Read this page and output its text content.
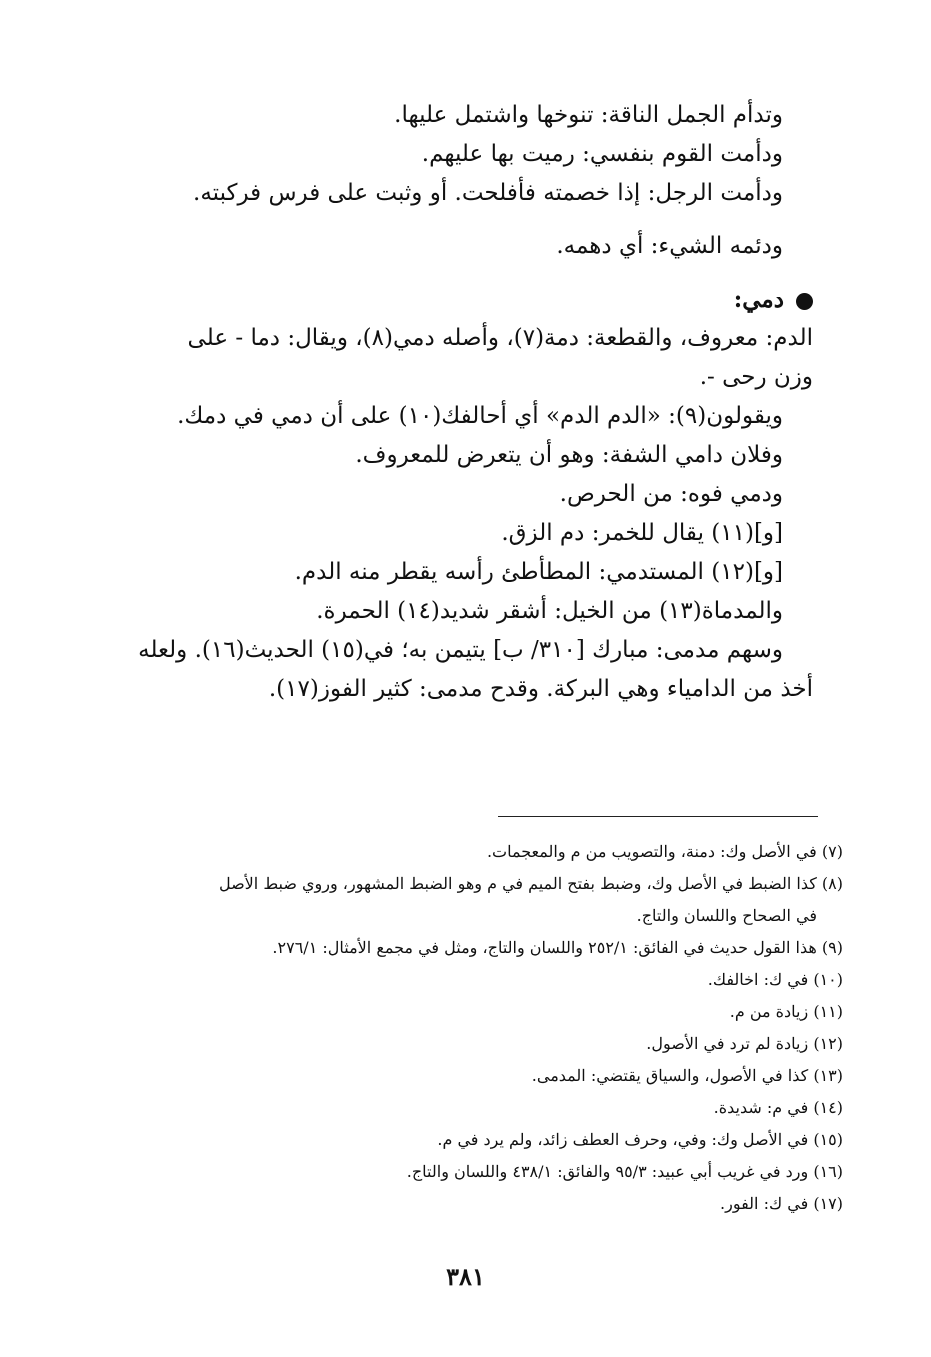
وتدأم الجمل الناقة: تنوخها واشتمل عليها.
ودأمت القوم بنفسي: رميت بها عليهم.
ودأمت الرجل: إذا خصمته فأفلحت. أو وثبت على فرس فركبته.
ودئمه الشيء: أي دهمه.
دمي:
الدم: معروف، والقطعة: دمة(٧)، وأصله دمي(٨)، ويقال: دما - على
وزن رحى -.
ويقولون(٩): «الدم الدم» أي أحالفك(١٠) على أن دمي في دمك.
وفلان دامي الشفة: وهو أن يتعرض للمعروف.
ودمي فوه: من الحرص.
[و](١١) يقال للخمر: دم الزق.
[و](١٢) المستدمي: المطأطئ رأسه يقطر منه الدم.
والمدماة(١٣) من الخيل: أشقر شديد(١٤) الحمرة.
وسهم مدمى: مبارك [٣١٠/ ب] يتيمن به؛ في(١٥) الحديث(١٦). ولعله
أخذ من الدامياء وهي البركة. وقدح مدمى: كثير الفوز(١٧).
(٧) في الأصل وك: دمنة، والتصويب من م والمعجمات.
(٨) كذا الضبط في الأصل وك، وضبط بفتح الميم في م وهو الضبط المشهور، وروي ضبط الأصل
في الصحاح واللسان والتاج.
(٩) هذا القول حديث في الفائق: ٢٥٢/١ واللسان والتاج، ومثل في مجمع الأمثال: ٢٧٦/١.
(١٠) في ك: اخالفك.
(١١) زيادة من م.
(١٢) زيادة لم ترد في الأصول.
(١٣) كذا في الأصول، والسياق يقتضي: المدمى.
(١٤) في م: شديدة.
(١٥) في الأصل وك: وفي، وحرف العطف زائد، ولم يرد في م.
(١٦) ورد في غريب أبي عبيد: ٩٥/٣ والفائق: ٤٣٨/١ واللسان والتاج.
(١٧) في ك: الفور.
٣٨١
